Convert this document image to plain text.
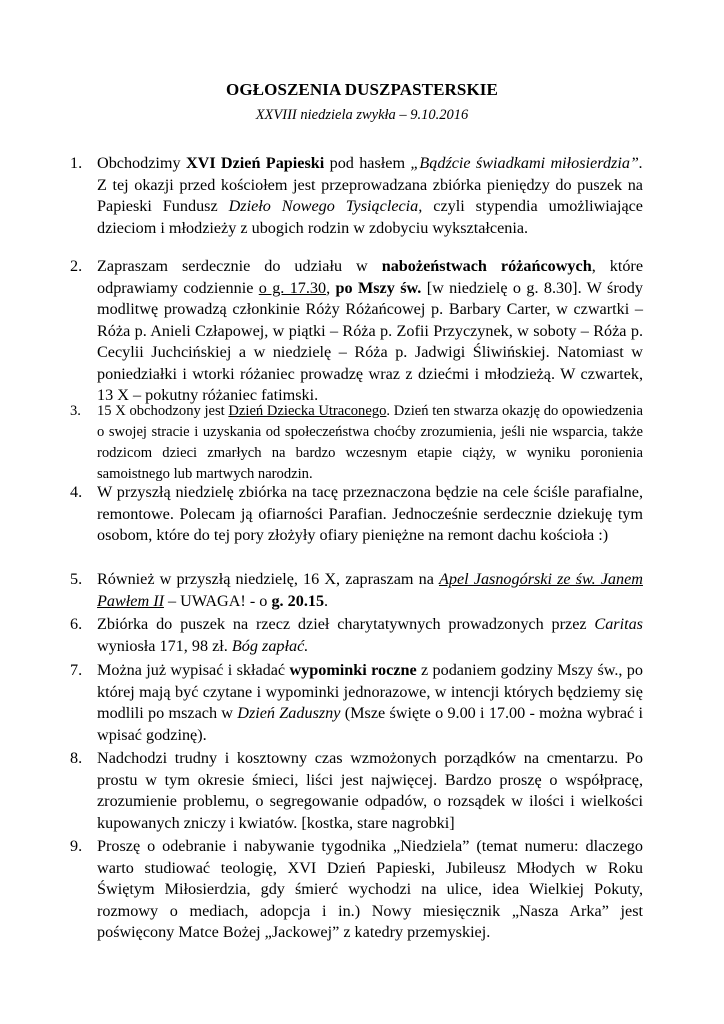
OGŁOSZENIA DUSZPASTERSKIE
XXVIII niedziela zwykła – 9.10.2016
1. Obchodzimy XVI Dzień Papieski pod hasłem „Bądźcie świadkami miłosierdzia”. Z tej okazji przed kościołem jest przeprowadzana zbiórka pieniędzy do puszek na Papieski Fundusz Dzieło Nowego Tysiąclecia, czyli stypendia umożliwiające dzieciom i młodzieży z ubogich rodzin w zdobyciu wykształcenia.
2. Zapraszam serdecznie do udziału w nabożeństwach różańcowych, które odprawiamy codziennie o g. 17.30, po Mszy św. [w niedzielę o g. 8.30]. W środy modlitwę prowadzą członkinie Róży Różańcowej p. Barbary Carter, w czwartki – Róża p. Anieli Człapowej, w piątki – Róża p. Zofii Przyczynek, w soboty – Róża p. Cecylii Juchcińskiej a w niedzielę – Róża p. Jadwigi Śliwińskiej. Natomiast w poniedziałki i wtorki różaniec prowadzę wraz z dziećmi i młodzieżą. W czwartek, 13 X – pokutny różaniec fatimski.
3.	15 X obchodzony jest Dzień Dziecka Utraconego. Dzień ten stwarza okazję do opowiedzenia o swojej stracie i uzyskania od społeczeństwa choćby zrozumienia, jeśli nie wsparcia, także rodzicom dzieci zmarłych na bardzo wczesnym etapie ciąży, w wyniku poronienia samoistnego lub martwych narodzin.
4. W przyszłą niedzielę zbiórka na tacę przeznaczona będzie na cele ściśle parafialne, remontowe. Polecam ją ofiarności Parafian. Jednocześnie serdecznie dziekuję tym osobom, które do tej pory złożyły ofiary pieniężne na remont dachu kościoła :)
5. Również w przyszłą niedzielę, 16 X, zapraszam na Apel Jasnogórski ze św. Janem Pawłem II – UWAGA! - o g. 20.15.
6. Zbiórka do puszek na rzecz dzieł charytatywnych prowadzonych przez Caritas wyniosła 171, 98 zł. Bóg zapłać.
7. Można już wypisać i składać wypominki roczne z podaniem godziny Mszy św., po której mają być czytane i wypominki jednorazowe, w intencji których będziemy się modlili po mszach w Dzień Zaduszny (Msze święte o 9.00 i 17.00 - można wybrać i wpisać godzinę).
8. Nadchodzi trudny i kosztowny czas wzmożonych porządków na cmentarzu. Po prostu w tym okresie śmieci, liści jest najwięcej. Bardzo proszę o współpracę, zrozumienie problemu, o segregowanie odpadów, o rozsądek w ilości i wielkości kupowanych zniczy i kwiatów. [kostka, stare nagrobki]
9. Proszę o odebranie i nabywanie tygodnika „Niedziela” (temat numeru: dlaczego warto studiować teologię, XVI Dzień Papieski, Jubileusz Młodych w Roku Świętym Miłosierdzia, gdy śmierć wychodzi na ulice, idea Wielkiej Pokuty, rozmowy o mediach, adopcja i in.) Nowy miesięcznik „Nasza Arka” jest poświęcony Matce Bożej „Jackowej” z katedry przemyskiej.
